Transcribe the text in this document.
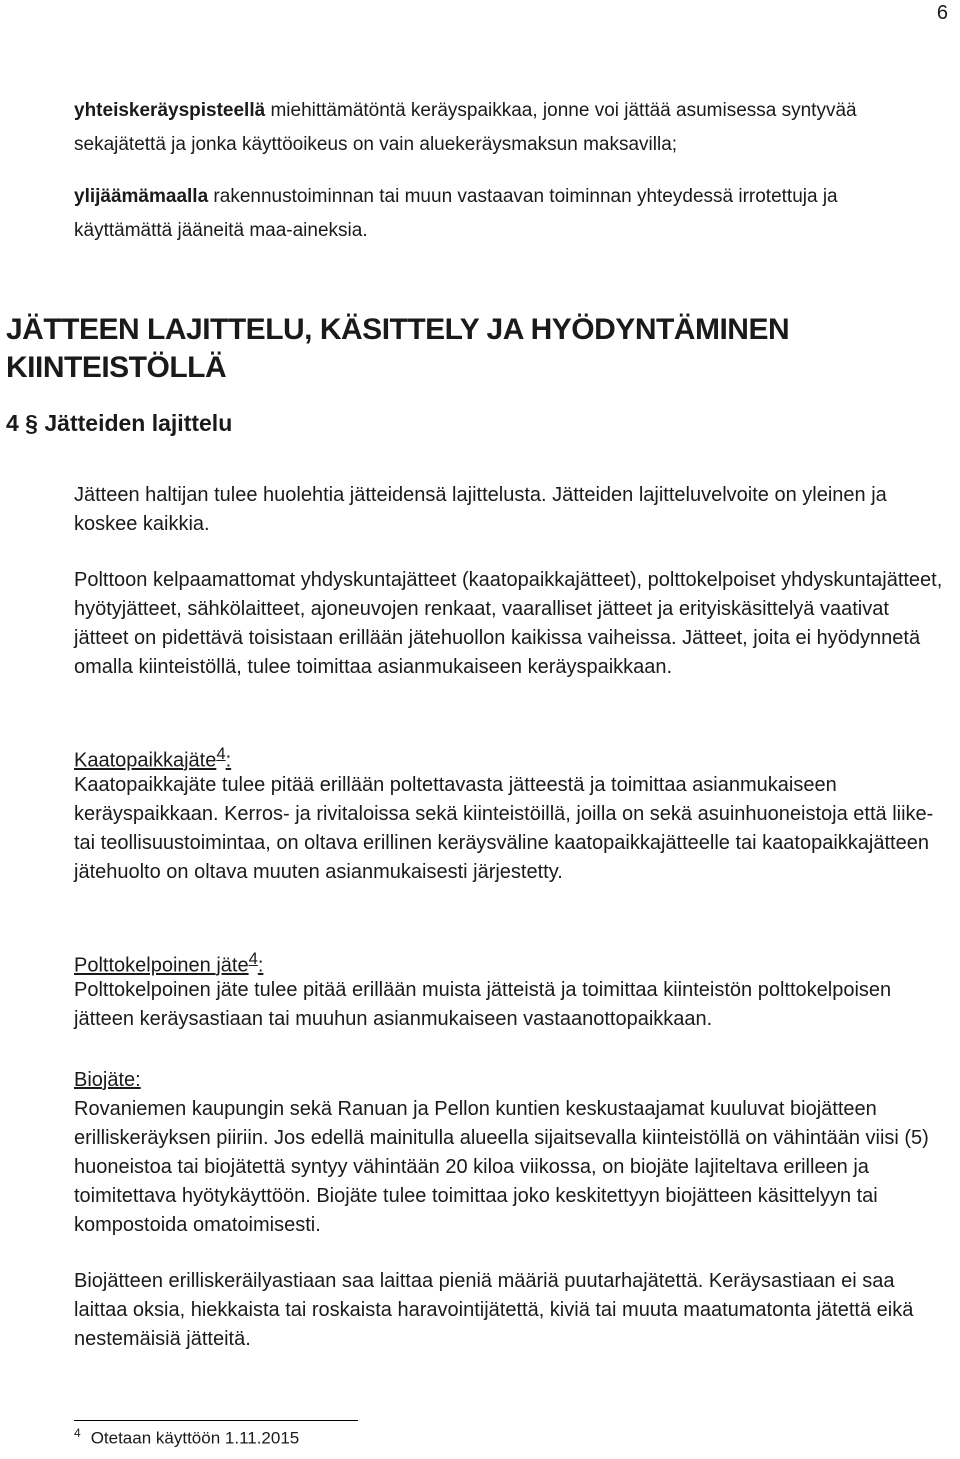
6
yhteiskeräyspisteellä miehittämätöntä keräyspaikkaa, jonne voi jättää asumisessa syntyvää sekajätettä ja jonka käyttöoikeus on vain aluekeräysmaksun maksavilla;
ylijäämämaalla rakennustoiminnan tai muun vastaavan toiminnan yhteydessä irrotettuja ja käyttämättä jääneitä maa-aineksia.
JÄTTEEN LAJITTELU, KÄSITTELY JA HYÖDYNTÄMINEN KIINTEISTÖLLÄ
4 § Jätteiden lajittelu
Jätteen haltijan tulee huolehtia jätteidensä lajittelusta. Jätteiden lajitteluvelvoite on yleinen ja koskee kaikkia.
Polttoon kelpaamattomat yhdyskuntajätteet (kaatopaikkajätteet), polttokelpoiset yhdyskuntajätteet, hyötyjätteet, sähkölaitteet, ajoneuvojen renkaat, vaaralliset jätteet ja erityiskäsittelyä vaativat jätteet on pidettävä toisistaan erillään jätehuollon kaikissa vaiheissa. Jätteet, joita ei hyödynnetä omalla kiinteistöllä, tulee toimittaa asianmukaiseen keräyspaikkaan.
Kaatopaikkajäte$^4$:
Kaatopaikkajäte tulee pitää erillään poltettavasta jätteestä ja toimittaa asianmukaiseen keräyspaikkaan. Kerros- ja rivitaloissa sekä kiinteistöillä, joilla on sekä asuinhuoneistoja että liike- tai teollisuustoimintaa, on oltava erillinen keräysväline kaatopaikkajätteelle tai kaatopaikkajätteen jätehuolto on oltava muuten asianmukaisesti järjestetty.
Polttokelpoinen jäte$^4$:
Polttokelpoinen jäte tulee pitää erillään muista jätteistä ja toimittaa kiinteistön polttokelpoisen jätteen keräysastiaan tai muuhun asianmukaiseen vastaanottopaikkaan.
Biojäte:
Rovaniemen kaupungin sekä Ranuan ja Pellon kuntien keskustaajamat kuuluvat biojätteen erilliskeräyksen piiriin. Jos edellä mainitulla alueella sijaitsevalla kiinteistöllä on vähintään viisi (5) huoneistoa tai biojätettä syntyy vähintään 20 kiloa viikossa, on biojäte lajiteltava erilleen ja toimitettava hyötykäyttöön. Biojäte tulee toimittaa joko keskitettyyn biojätteen käsittelyyn tai kompostoida omatoimisesti.
Biojätteen erilliskeräilyastiaan saa laittaa pieniä määriä puutarhajätettä. Keräysastiaan ei saa laittaa oksia, hiekkaista tai roskaista haravointijätettä, kiviä tai muuta maatumatonta jätettä eikä nestemäisiä jätteitä.
$^4$ Otetaan käyttöön 1.11.2015
